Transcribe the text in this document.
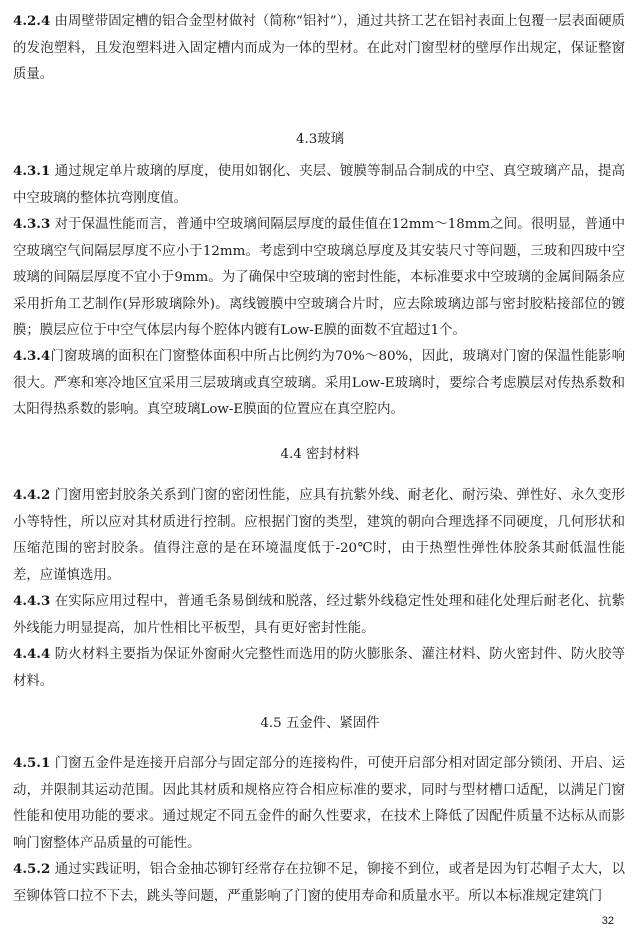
4.2.4 由周壁带固定槽的铝合金型材做衬（简称“铝衬”），通过共挤工艺在铝衬表面上包覆一层表面硬质的发泡塑料，且发泡塑料进入固定槽内而成为一体的型材。在此对门窗型材的壁厚作出规定，保证整窗质量。

4.3玻璃

4.3.1 通过规定单片玻璃的厚度，使用如钢化、夹层、镀膜等制品合制成的中空、真空玻璃产品，提高中空玻璃的整体抗弯刚度值。

4.3.3 对于保温性能而言，普通中空玻璃间隔层厚度的最佳值在12mm～18mm之间。很明显，普通中空玻璃空气间隔层厚度不应小于12mm。考虑到中空玻璃总厚度及其安装尺寸等问题，三玻和四玻中空玻璃的间隔层厚度不宜小于9mm。为了确保中空玻璃的密封性能，本标准要求中空玻璃的金属间隔条应采用折角工艺制作(异形玻璃除外)。离线镀膜中空玻璃合片时，应去除玻璃边部与密封胶粘接部位的镀膜；膜层应位于中空气体层内每个腔体内镀有Low-E膜的面数不宜超过1个。

4.3.4门窗玻璃的面积在门窗整体面积中所占比例约为70%～80%，因此，玻璃对门窗的保温性能影响很大。严寒和寒冷地区宜采用三层玻璃或真空玻璃。采用Low-E玻璃时，要综合考虑膜层对传热系数和太阳得热系数的影响。真空玻璃Low-E膜面的位置应在真空腔内。

4.4 密封材料

4.4.2 门窗用密封胶条关系到门窗的密闭性能，应具有抗紫外线、耐老化、耐污染、弹性好、永久变形小等特性，所以应对其材质进行控制。应根据门窗的类型，建筑的朝向合理选择不同硬度，几何形状和压缩范围的密封胶条。值得注意的是在环境温度低于-20℃时，由于热塑性弹性体胶条其耐低温性能差，应谨慎选用。

4.4.3 在实际应用过程中，普通毛条易倒绒和脱落，经过紫外线稳定性处理和硅化处理后耐老化、抗紫外线能力明显提高，加片性相比平板型，具有更好密封性能。

4.4.4 防火材料主要指为保证外窗耐火完整性而选用的防火膨胀条、灌注材料、防火密封件、防火胶等材料。

4.5 五金件、紧固件

4.5.1 门窗五金件是连接开启部分与固定部分的连接构件，可使开启部分相对固定部分锁闭、开启、运动，并限制其运动范围。因此其材质和规格应符合相应标准的要求，同时与型材槽口适配，以满足门窗性能和使用功能的要求。通过规定不同五金件的耐久性要求，在技术上降低了因配件质量不达标从而影响门窗整体产品质量的可能性。

4.5.2 通过实践证明，铝合金抽芯铆钉经常存在拉铆不足，铆接不到位，或者是因为钉芯帽子太大，以至铆体管口拉不下去，跳头等问题，严重影响了门窗的使用寿命和质量水平。所以本标准规定建筑门

32
